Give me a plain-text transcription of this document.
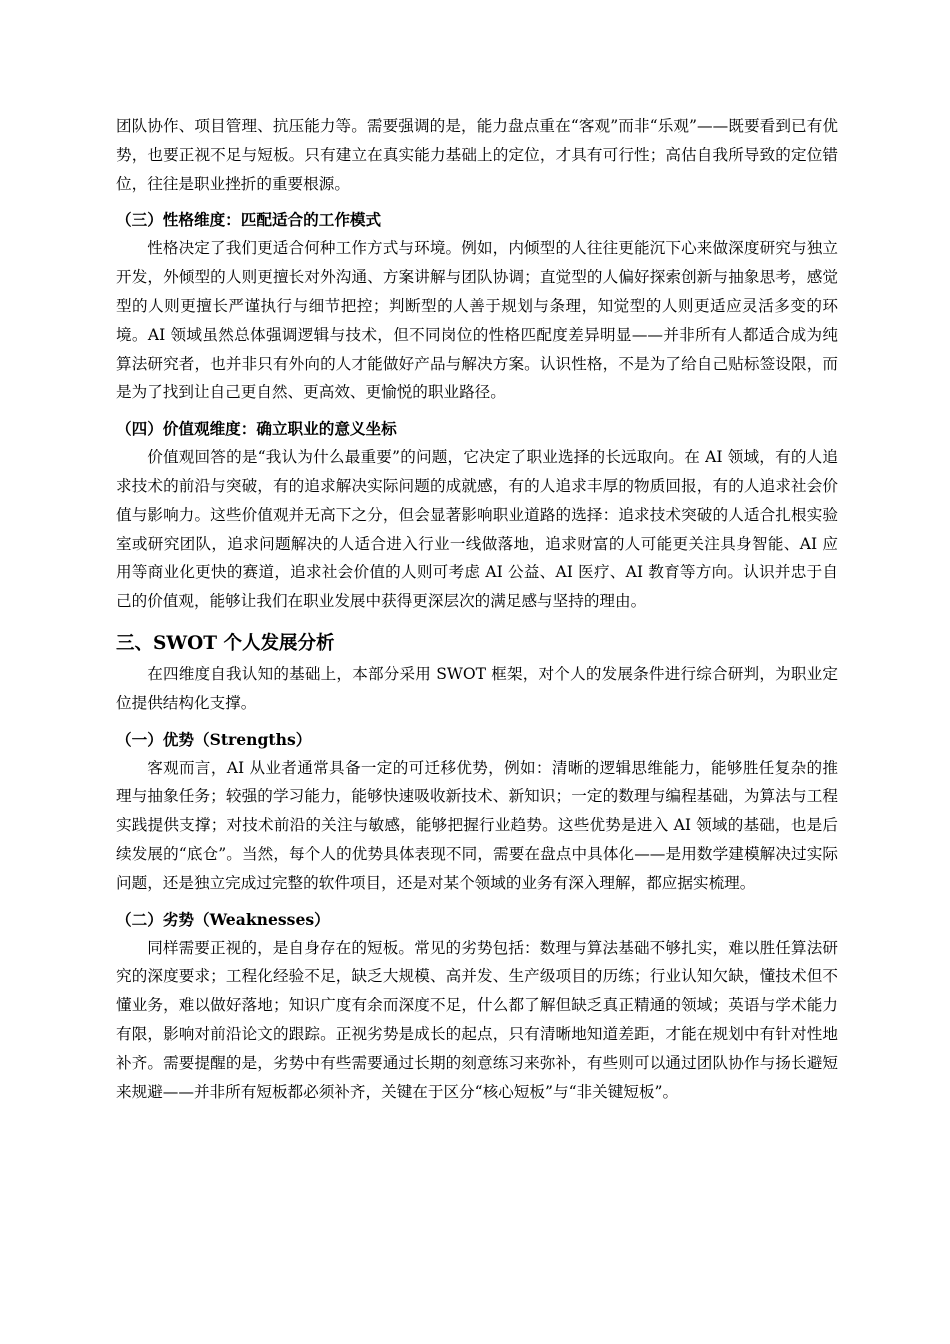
团队协作、项目管理、抗压能力等。需要强调的是，能力盘点重在“客观”而非“乐观”——既要看到已有优势，也要正视不足与短板。只有建立在真实能力基础上的定位，才具有可行性；高估自我所导致的定位错位，往往是职业挫折的重要根源。

（三）性格维度：匹配适合的工作模式

性格决定了我们更适合何种工作方式与环境。例如，内倾型的人往往更能沉下心来做深度研究与独立开发，外倾型的人则更擅长对外沟通、方案讲解与团队协调；直觉型的人偏好探索创新与抽象思考，感觉型的人则更擅长严谨执行与细节把控；判断型的人善于规划与条理，知觉型的人则更适应灵活多变的环境。AI 领域虽然总体强调逻辑与技术，但不同岗位的性格匹配度差异明显——并非所有人都适合成为纯算法研究者，也并非只有外向的人才能做好产品与解决方案。认识性格，不是为了给自己贴标签设限，而是为了找到让自己更自然、更高效、更愉悦的职业路径。

（四）价值观维度：确立职业的意义坐标

价值观回答的是“我认为什么最重要”的问题，它决定了职业选择的长远取向。在 AI 领域，有的人追求技术的前沿与突破，有的追求解决实际问题的成就感，有的人追求丰厚的物质回报，有的人追求社会价值与影响力。这些价值观并无高下之分，但会显著影响职业道路的选择：追求技术突破的人适合扎根实验室或研究团队，追求问题解决的人适合进入行业一线做落地，追求财富的人可能更关注具身智能、AI 应用等商业化更快的赛道，追求社会价值的人则可考虑 AI 公益、AI 医疗、AI 教育等方向。认识并忠于自己的价值观，能够让我们在职业发展中获得更深层次的满足感与坚持的理由。

三、SWOT 个人发展分析

在四维度自我认知的基础上，本部分采用 SWOT 框架，对个人的发展条件进行综合研判，为职业定位提供结构化支撑。

（一）优势（Strengths）

客观而言，AI 从业者通常具备一定的可迁移优势，例如：清晰的逻辑思维能力，能够胜任复杂的推理与抽象任务；较强的学习能力，能够快速吸收新技术、新知识；一定的数理与编程基础，为算法与工程实践提供支撑；对技术前沿的关注与敏感，能够把握行业趋势。这些优势是进入 AI 领域的基础，也是后续发展的“底仓”。当然，每个人的优势具体表现不同，需要在盘点中具体化——是用数学建模解决过实际问题，还是独立完成过完整的软件项目，还是对某个领域的业务有深入理解，都应据实梳理。

（二）劣势（Weaknesses）

同样需要正视的，是自身存在的短板。常见的劣势包括：数理与算法基础不够扎实，难以胜任算法研究的深度要求；工程化经验不足，缺乏大规模、高并发、生产级项目的历练；行业认知欠缺，懂技术但不懂业务，难以做好落地；知识广度有余而深度不足，什么都了解但缺乏真正精通的领域；英语与学术能力有限，影响对前沿论文的跟踪。正视劣势是成长的起点，只有清晰地知道差距，才能在规划中有针对性地补齐。需要提醒的是，劣势中有些需要通过长期的刻意练习来弥补，有些则可以通过团队协作与扬长避短来规避——并非所有短板都必须补齐，关键在于区分“核心短板”与“非关键短板”。
